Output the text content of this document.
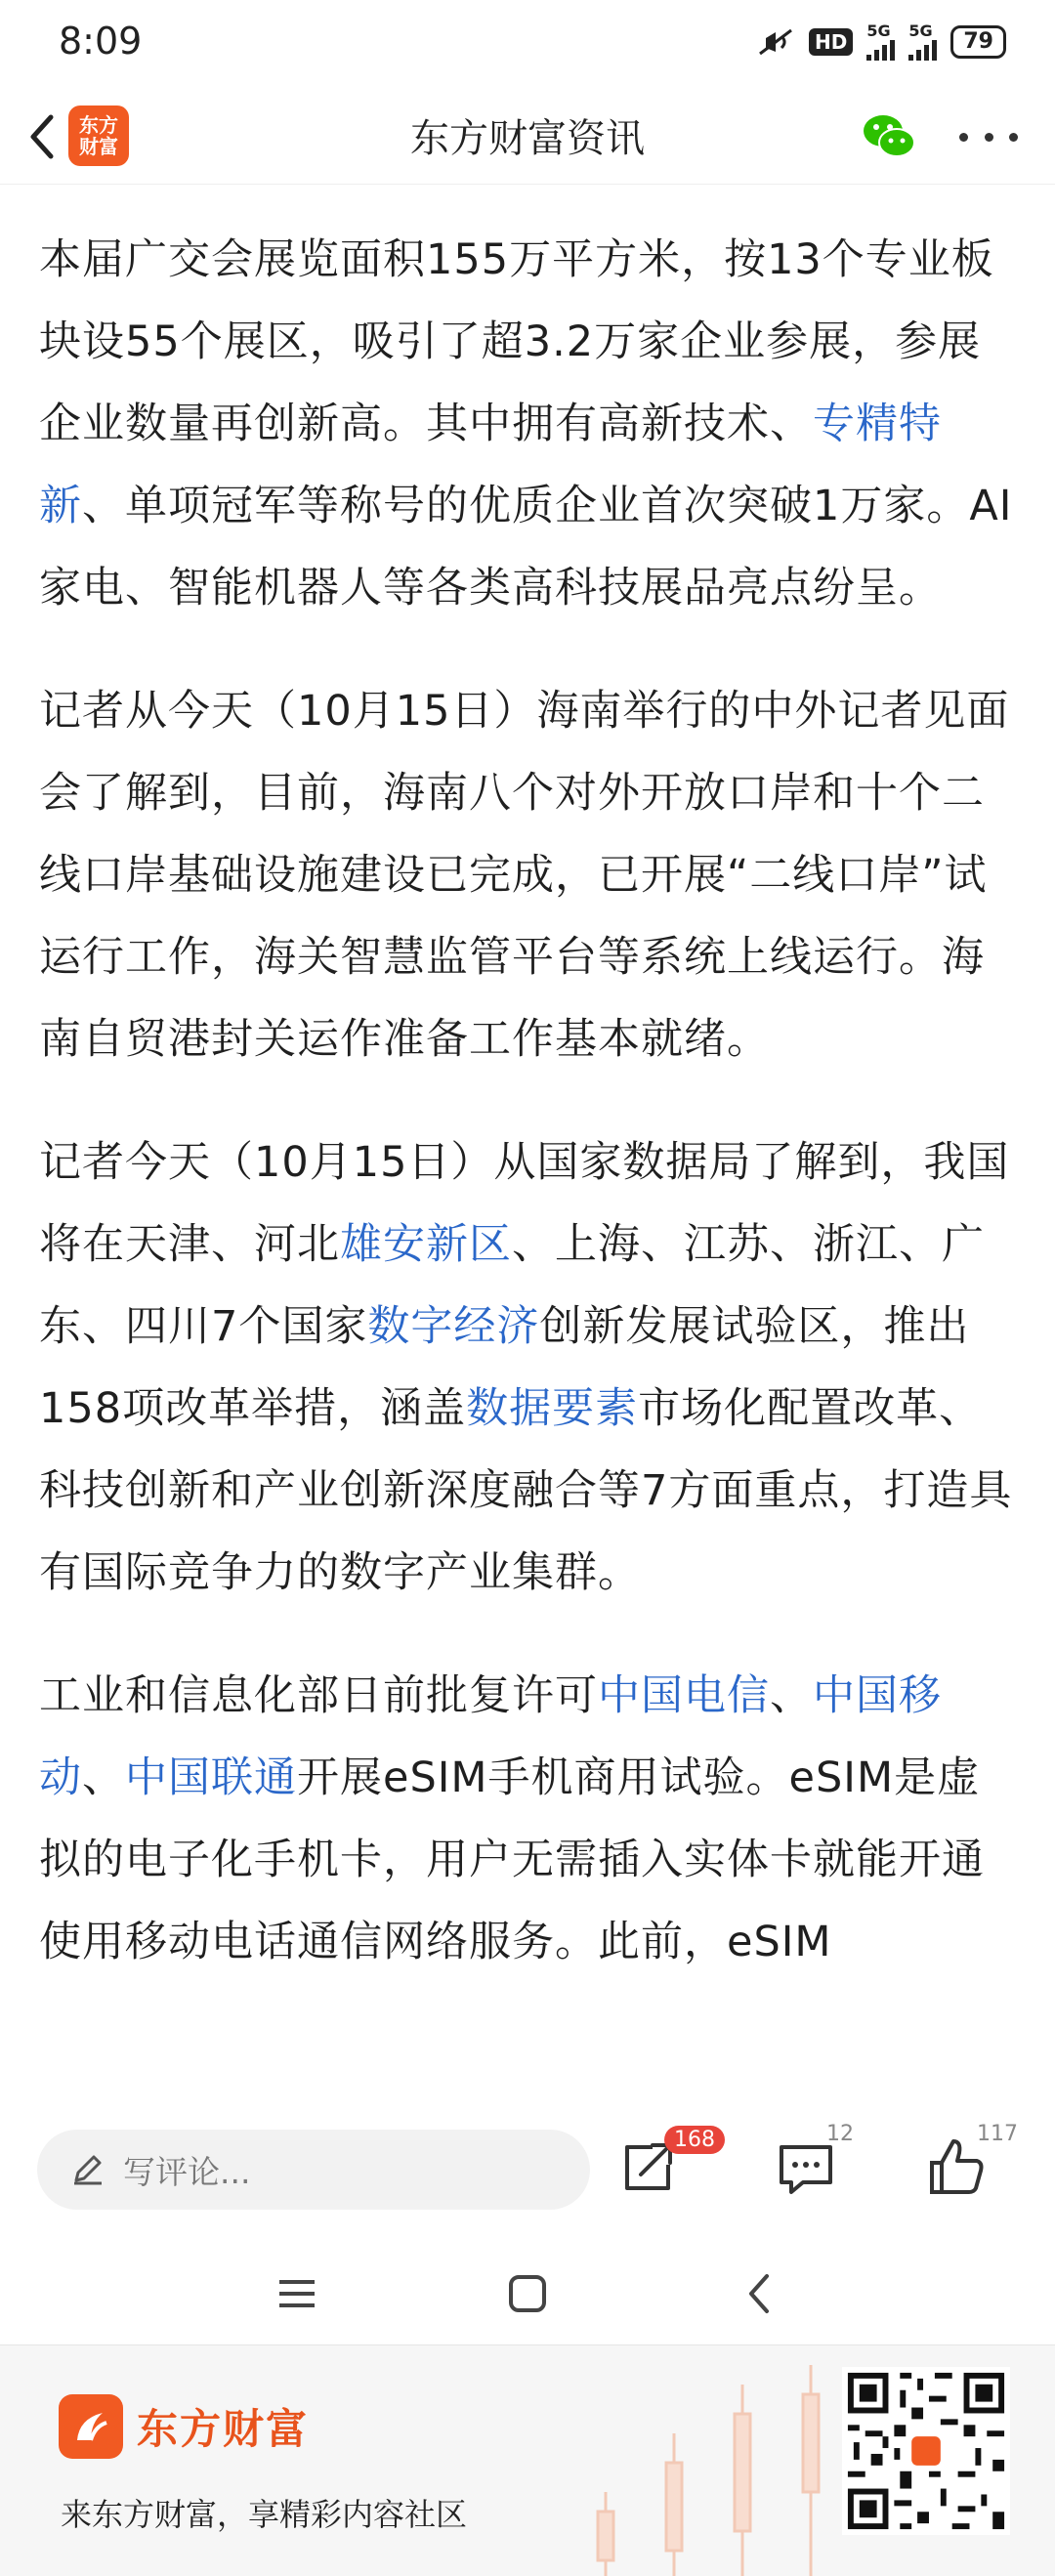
8:09	HD	5G 5G	79
东方
财富	东方财富资讯

本届广交会展览面积155万平方米，按13个专业板块设55个展区，吸引了超3.2万家企业参展，参展企业数量再创新高。其中拥有高新技术、专精特新、单项冠军等称号的优质企业首次突破1万家。AI家电、智能机器人等各类高科技展品亮点纷呈。

记者从今天（10月15日）海南举行的中外记者见面会了解到，目前，海南八个对外开放口岸和十个二线口岸基础设施建设已完成，已开展“二线口岸”试运行工作，海关智慧监管平台等系统上线运行。海南自贸港封关运作准备工作基本就绪。

记者今天（10月15日）从国家数据局了解到，我国将在天津、河北雄安新区、上海、江苏、浙江、广东、四川7个国家数字经济创新发展试验区，推出158项改革举措，涵盖数据要素市场化配置改革、科技创新和产业创新深度融合等7方面重点，打造具有国际竞争力的数字产业集群。

工业和信息化部日前批复许可中国电信、中国移动、中国联通开展eSIM手机商用试验。eSIM是虚拟的电子化手机卡，用户无需插入实体卡就能开通使用移动电话通信网络服务。此前，eSIM

写评论...
168	12	117
东方财富
来东方财富，享精彩内容社区
